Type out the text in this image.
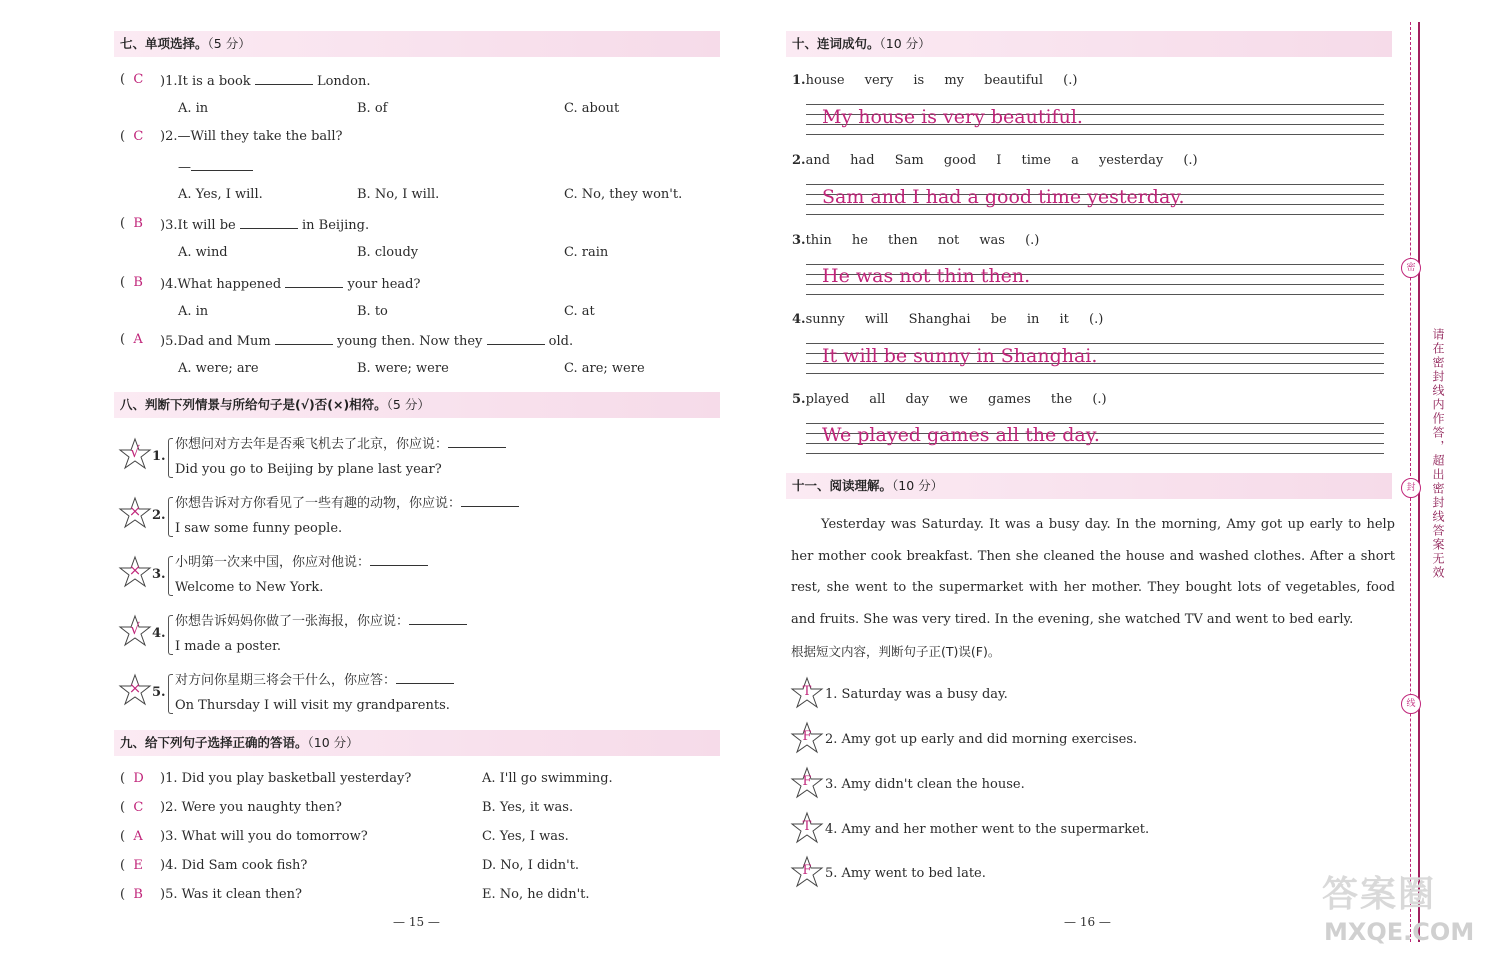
七、单项选择。（5 分）
(  C	)1.It is a book	London.
A. in	B. of	C. about
(  C	)2.—Will they take the ball?
—
A. Yes, I will.	B. No, I will.	C. No, they won't.
(  B	)3.It will be	in Beijing.
A. wind	B. cloudy	C. rain
(  B	)4.What happened	your head?
A. in	B. to	C. at
(  A	)5.Dad and Mum	young then. Now they	old.
A. were; are	B. were; were	C. are; were
八、判断下列情景与所给句子是(√)否(×)相符。（5 分）
√ 1.
你想问对方去年是否乘飞机去了北京，你应说：
Did you go to Beijing by plane last year?
× 2.
你想告诉对方你看见了一些有趣的动物，你应说：
I saw some funny people.
× 3.
小明第一次来中国，你应对他说：
Welcome to New York.
√ 4.
你想告诉妈妈你做了一张海报，你应说：
I made a poster.
× 5.
对方问你星期三将会干什么，你应答：
On Thursday I will visit my grandparents.
九、给下列句子选择正确的答语。（10 分）
(  D	)1. Did you play basketball yesterday?	A. I'll go swimming.
(  C	)2. Were you naughty then?	B. Yes, it was.
(  A	)3. What will you do tomorrow?	C. Yes, I was.
(  E	)4. Did Sam cook fish?	D. No, I didn't.
(  B	)5. Was it clean then?	E. No, he didn't.
— 15 —
十、连词成句。（10 分）
1.house very is my beautiful (.)
My house is very beautiful.
2.and had Sam good I time a yesterday (.)
Sam and I had a good time yesterday.
3.thin he then not was (.)
He was not thin then.
4.sunny will Shanghai be in it (.)
It will be sunny in Shanghai.
5.played all day we games the (.)
We played games all the day.
十一、阅读理解。（10 分）
Yesterday was Saturday. It was a busy day. In the morning, Amy got up early to help her mother cook breakfast. Then she cleaned the house and washed clothes. After a short rest, she went to the supermarket with her mother. They bought lots of vegetables, food and fruits. She was very tired. In the evening, she watched TV and went to bed early.
根据短文内容，判断句子正(T)误(F)。
T	1. Saturday was a busy day.
F	2. Amy got up early and did morning exercises.
F	3. Amy didn't clean the house.
T	4. Amy and her mother went to the supermarket.
F	5. Amy went to bed late.
— 16 —
密
封
线
请在密封线内作答，超出密封线答案无效
答案圈
MXQE.COM
